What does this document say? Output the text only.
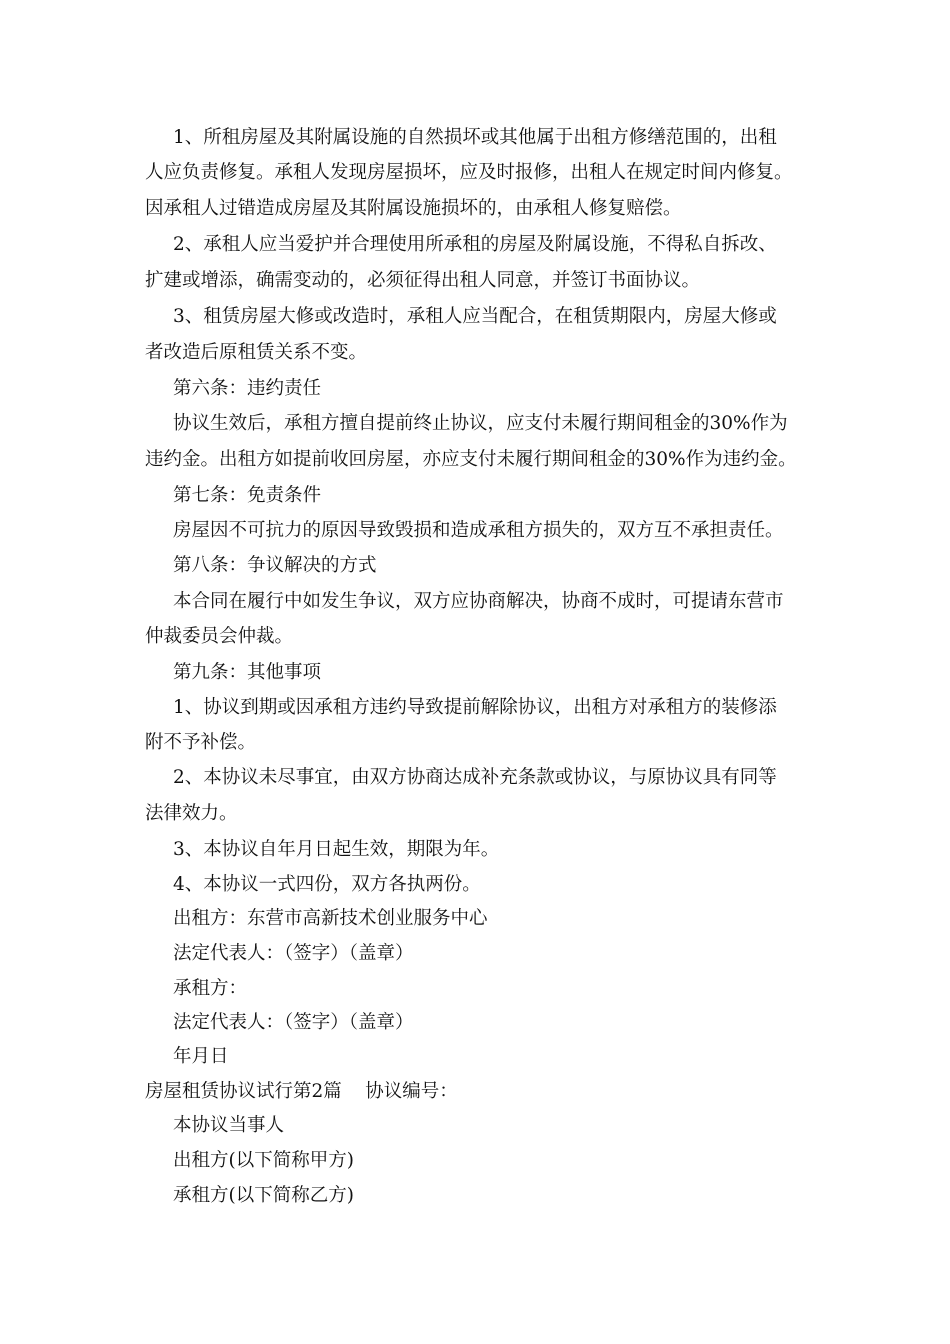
1、所租房屋及其附属设施的自然损坏或其他属于出租方修缮范围的，出租
人应负责修复。承租人发现房屋损坏，应及时报修，出租人在规定时间内修复。
因承租人过错造成房屋及其附属设施损坏的，由承租人修复赔偿。
2、承租人应当爱护并合理使用所承租的房屋及附属设施，不得私自拆改、
扩建或增添，确需变动的，必须征得出租人同意，并签订书面协议。
3、租赁房屋大修或改造时，承租人应当配合，在租赁期限内，房屋大修或
者改造后原租赁关系不变。
第六条：违约责任
协议生效后，承租方擅自提前终止协议，应支付未履行期间租金的30%作为
违约金。出租方如提前收回房屋，亦应支付未履行期间租金的30%作为违约金。
第七条：免责条件
房屋因不可抗力的原因导致毁损和造成承租方损失的，双方互不承担责任。
第八条：争议解决的方式
本合同在履行中如发生争议，双方应协商解决，协商不成时，可提请东营市
仲裁委员会仲裁。
第九条：其他事项
1、协议到期或因承租方违约导致提前解除协议，出租方对承租方的装修添
附不予补偿。
2、本协议未尽事宜，由双方协商达成补充条款或协议，与原协议具有同等
法律效力。
3、本协议自年月日起生效，期限为年。
4、本协议一式四份，双方各执两份。
出租方：东营市高新技术创业服务中心
法定代表人：（签字）（盖章）
承租方：
法定代表人：（签字）（盖章）
年月日
房屋租赁协议试行第2篇    协议编号：
本协议当事人
出租方(以下简称甲方)
承租方(以下简称乙方)
